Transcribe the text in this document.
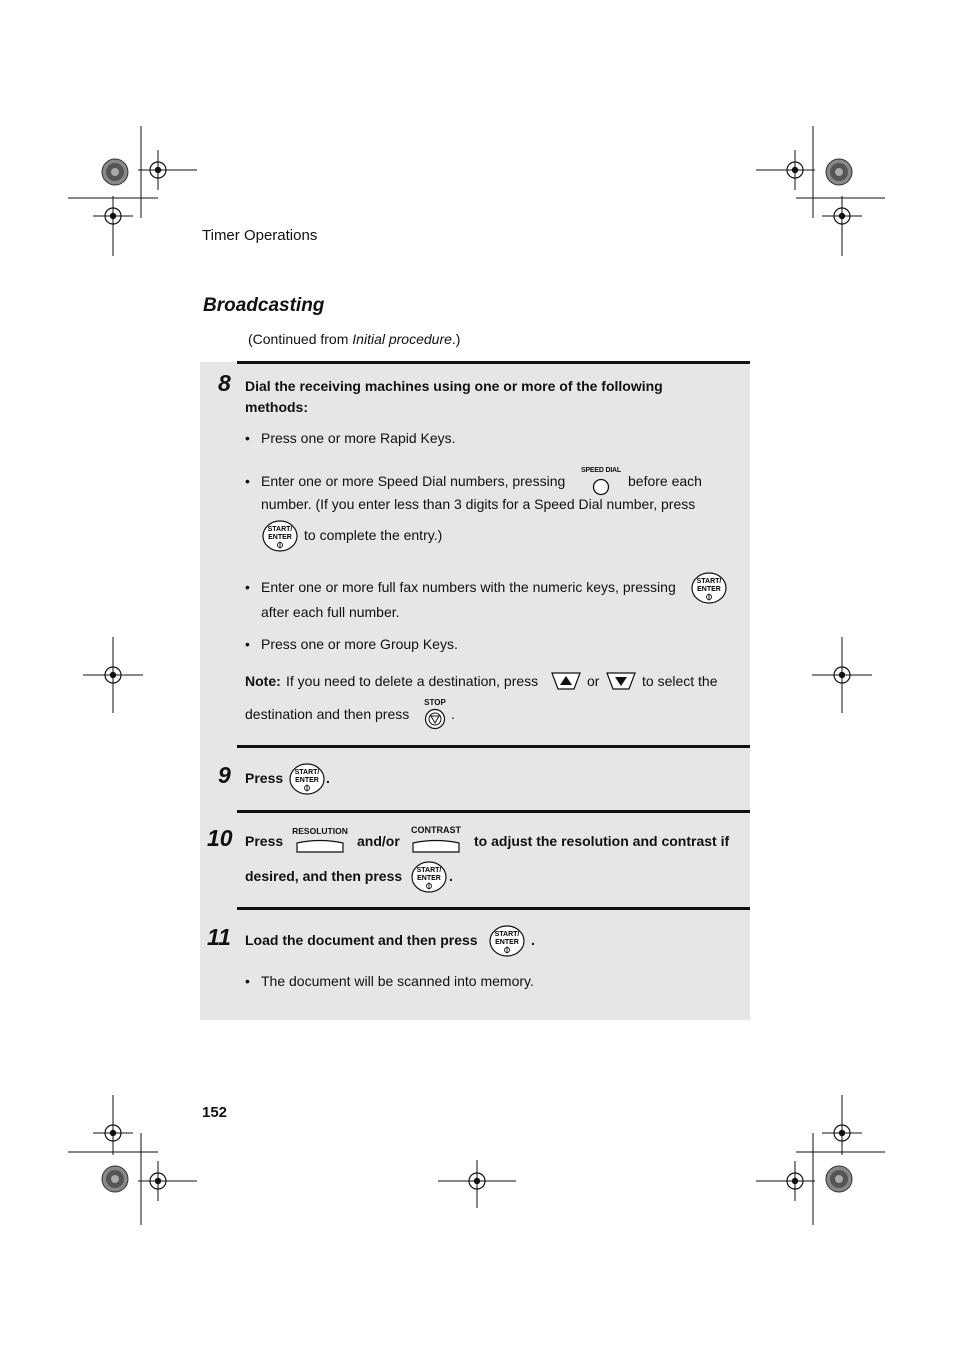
Timer Operations
Broadcasting
(Continued from Initial procedure.)
8 Dial the receiving machines using one or more of the following
methods:
• Press one or more Rapid Keys.
• Enter one or more Speed Dial numbers, pressing
SPEED DIAL
before each
number. (If you enter less than 3 digits for a Speed Dial number, press
START/
ENTER to complete the entry.)
• Enter one or more full fax numbers with the numeric keys, pressing	START/
ENTER
after each full number.
• Press one or more Group Keys.
Note: If you need to delete a destination, press	or	to select the
destination and then press
STOP
.
9 Press START/
ENTER .
10 Press
RESOLUTION
and/or
CONTRAST
to adjust the resolution and contrast if
desired, and then press START/
ENTER .
11 Load the document and then press START/
ENTER .
• The document will be scanned into memory.
152
